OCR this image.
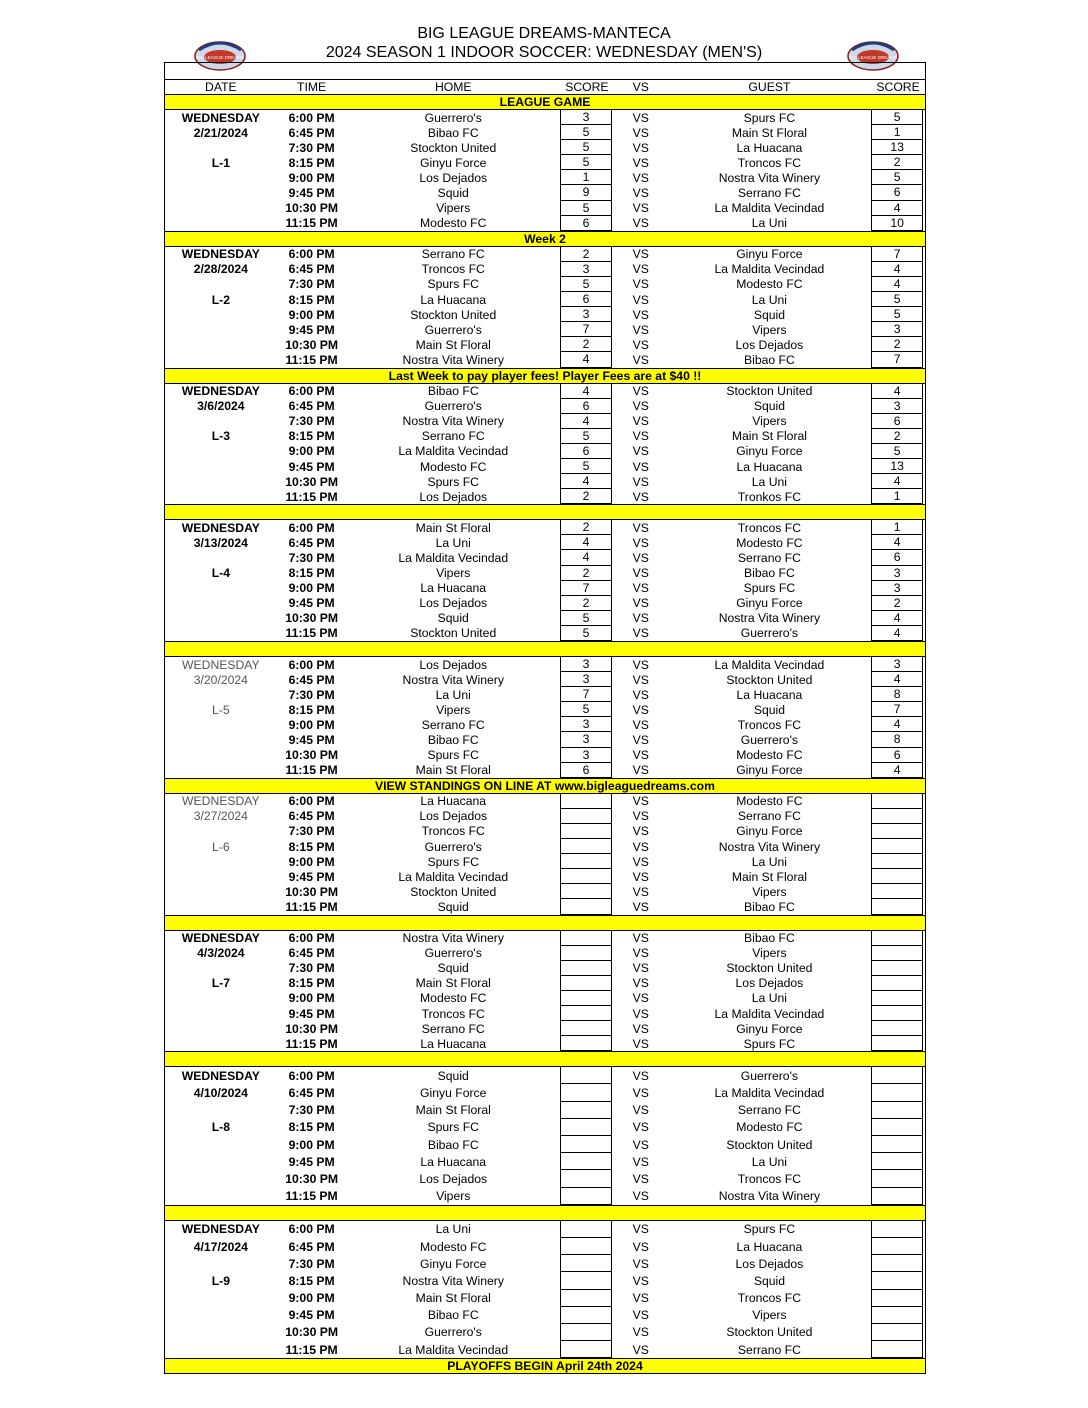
BIG LEAGUE DREAMS-MANTECA
2024 SEASON 1 INDOOR SOCCER: WEDNESDAY (MEN'S)
BIG LEAGUE DREAMS	BIG LEAGUE DREAMS
DATE	TIME	HOME	SCORE	VS	GUEST	SCORE
LEAGUE GAME
WEDNESDAY	6:00 PM	Guerrero's	3	VS	Spurs FC	5
2/21/2024	6:45 PM	Bibao FC	5	VS	Main St Floral	1
7:30 PM	Stockton United	5	VS	La Huacana	13
L-1	8:15 PM	Ginyu Force	5	VS	Troncos FC	2
9:00 PM	Los Dejados	1	VS	Nostra Vita Winery	5
9:45 PM	Squid	9	VS	Serrano FC	6
10:30 PM	Vipers	5	VS	La Maldita Vecindad	4
11:15 PM	Modesto FC	6	VS	La Uni	10
Week 2
WEDNESDAY	6:00 PM	Serrano FC	2	VS	Ginyu Force	7
2/28/2024	6:45 PM	Troncos FC	3	VS	La Maldita Vecindad	4
7:30 PM	Spurs FC	5	VS	Modesto FC	4
L-2	8:15 PM	La Huacana	6	VS	La Uni	5
9:00 PM	Stockton United	3	VS	Squid	5
9:45 PM	Guerrero's	7	VS	Vipers	3
10:30 PM	Main St Floral	2	VS	Los Dejados	2
11:15 PM	Nostra Vita Winery	4	VS	Bibao FC	7
Last Week to pay player fees! Player Fees are at $40 !!
WEDNESDAY	6:00 PM	Bibao FC	4	VS	Stockton United	4
3/6/2024	6:45 PM	Guerrero's	6	VS	Squid	3
7:30 PM	Nostra Vita Winery	4	VS	Vipers	6
L-3	8:15 PM	Serrano FC	5	VS	Main St Floral	2
9:00 PM	La Maldita Vecindad	6	VS	Ginyu Force	5
9:45 PM	Modesto FC	5	VS	La Huacana	13
10:30 PM	Spurs FC	4	VS	La Uni	4
11:15 PM	Los Dejados	2	VS	Tronkos FC	1
WEDNESDAY	6:00 PM	Main St Floral	2	VS	Troncos FC	1
3/13/2024	6:45 PM	La Uni	4	VS	Modesto FC	4
7:30 PM	La Maldita Vecindad	4	VS	Serrano FC	6
L-4	8:15 PM	Vipers	2	VS	Bibao FC	3
9:00 PM	La Huacana	7	VS	Spurs FC	3
9:45 PM	Los Dejados	2	VS	Ginyu Force	2
10:30 PM	Squid	5	VS	Nostra Vita Winery	4
11:15 PM	Stockton United	5	VS	Guerrero's	4
WEDNESDAY	6:00 PM	Los Dejados	3	VS	La Maldita Vecindad	3
3/20/2024	6:45 PM	Nostra Vita Winery	3	VS	Stockton United	4
7:30 PM	La Uni	7	VS	La Huacana	8
L-5	8:15 PM	Vipers	5	VS	Squid	7
9:00 PM	Serrano FC	3	VS	Troncos FC	4
9:45 PM	Bibao FC	3	VS	Guerrero's	8
10:30 PM	Spurs FC	3	VS	Modesto FC	6
11:15 PM	Main St Floral	6	VS	Ginyu Force	4
VIEW STANDINGS ON LINE AT www.bigleaguedreams.com
WEDNESDAY	6:00 PM	La Huacana	VS	Modesto FC
3/27/2024	6:45 PM	Los Dejados	VS	Serrano FC
7:30 PM	Troncos FC	VS	Ginyu Force
L-6	8:15 PM	Guerrero's	VS	Nostra Vita Winery
9:00 PM	Spurs FC	VS	La Uni
9:45 PM	La Maldita Vecindad	VS	Main St Floral
10:30 PM	Stockton United	VS	Vipers
11:15 PM	Squid	VS	Bibao FC
WEDNESDAY	6:00 PM	Nostra Vita Winery	VS	Bibao FC
4/3/2024	6:45 PM	Guerrero's	VS	Vipers
7:30 PM	Squid	VS	Stockton United
L-7	8:15 PM	Main St Floral	VS	Los Dejados
9:00 PM	Modesto FC	VS	La Uni
9:45 PM	Troncos FC	VS	La Maldita Vecindad
10:30 PM	Serrano FC	VS	Ginyu Force
11:15 PM	La Huacana	VS	Spurs FC
WEDNESDAY	6:00 PM	Squid	VS	Guerrero's
4/10/2024	6:45 PM	Ginyu Force	VS	La Maldita Vecindad
7:30 PM	Main St Floral	VS	Serrano FC
L-8	8:15 PM	Spurs FC	VS	Modesto FC
9:00 PM	Bibao FC	VS	Stockton United
9:45 PM	La Huacana	VS	La Uni
10:30 PM	Los Dejados	VS	Troncos FC
11:15 PM	Vipers	VS	Nostra Vita Winery
WEDNESDAY	6:00 PM	La Uni	VS	Spurs FC
4/17/2024	6:45 PM	Modesto FC	VS	La Huacana
7:30 PM	Ginyu Force	VS	Los Dejados
L-9	8:15 PM	Nostra Vita Winery	VS	Squid
9:00 PM	Main St Floral	VS	Troncos FC
9:45 PM	Bibao FC	VS	Vipers
10:30 PM	Guerrero's	VS	Stockton United
11:15 PM	La Maldita Vecindad	VS	Serrano FC
PLAYOFFS BEGIN April 24th 2024
